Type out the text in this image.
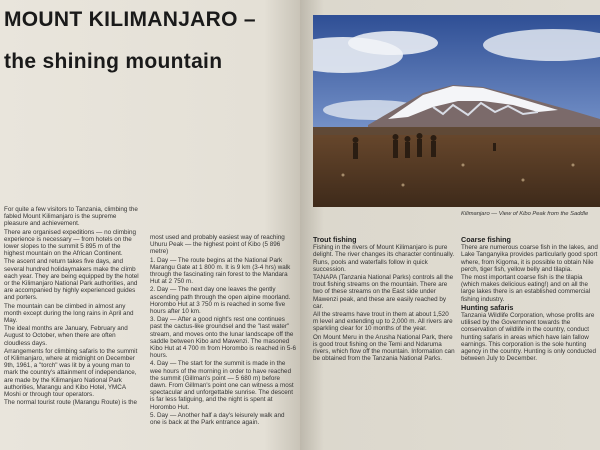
MOUNT KILIMANJARO –
the shining mountain

For quite a few visitors to Tanzania, climbing the fabled Mount Kilimanjaro is the supreme pleasure and achievement.

There are organised expeditions — no climbing experience is necessary — from hotels on the lower slopes to the summit 5 895 m of the highest mountain on the African Continent.

The ascent and return takes five days, and several hundred holidaymakers make the climb each year. They are being equipped by the hotel or the Kilimanjaro National Park authorities, and are accompanied by highly experienced guides and porters.

The mountain can be climbed in almost any month except during the long rains in April and May.

The ideal months are January, February and August to October, when there are often cloudless days.

Arrangements for climbing safaris to the summit of Kilimanjaro, where at midnight on December 9th, 1961, a "torch" was lit by a young man to mark the country's attainment of independance, are made by the Kilimanjaro National Park authorities, Marangu and Kibo Hotel, YMCA Moshi or through tour operators.

The normal tourist route (Marangu Route) is the

most used and probably easiest way of reaching Uhuru Peak — the highest point of Kibo (5 896 metre)

1. Day — The route begins at the National Park Marangu Gate at 1 800 m. It is 9 km (3-4 hrs) walk through the fascinating rain forest to the Mandara Hut at 2 750 m.

2. Day — The next day one leaves the gently ascending path through the open alpine moorland. Horombo Hut at 3 750 m is reached in some five hours after 10 km.

3. Day — After a good night's rest one continues past the cactus-like groundsel and the "last water" stream, and moves onto the lunar landscape off the saddle between Kibo and Mawenzi. The masoned Kibo Hut at 4 700 m from Horombo is reached in 5-6 hours.

4. Day — The start for the summit is made in the wee hours of the morning in order to have reached the summit (Gillman's point — 5 680 m) before dawn. From Gillman's point one can witness a most spectacular and unforgettable sunrise. The descent is far less fatiguing, and the night is spent at Horombo Hut.

5. Day — Another half a day's leisurely walk and one is back at the Park entrance again.

Kilimanjaro — View of Kibo Peak from the Saddle
Trout fishing

Fishing in the rivers of Mount Kilimanjaro is pure delight. The river changes its character continually. Runs, pools and waterfalls follow in quick succession.

TANAPA (Tanzania National Parks) controls all the trout fishing streams on the mountain. There are two of these streams on the East side under Mawenzi peak, and these are easily reached by car.

All the streams have trout in them at about 1,520 m level and extending up to 2,000 m. All rivers are sparkling clear for 10 months of the year.

On Mount Meru in the Arusha National Park, there is good trout fishing on the Temi and Ndaruma rivers, which flow off the mountain. Information can be obtained from the Tanzania National Parks.

Coarse fishing

There are numerous coarse fish in the lakes, and Lake Tanganyika provides particularly good sport where, from Kigoma, it is possible to obtain Nile perch, tiger fish, yellow belly and tilapia.

The most important coarse fish is the tilapia (which makes delicious eating!) and on all the large lakes there is an established commercial fishing industry.

Hunting safaris

Tanzania Wildlife Corporation, whose profits are utilised by the Government towards the conservation of wildlife in the country, conduct hunting safaris in areas which have lain fallow earnings. This corporation is the sole hunting agency in the country. Hunting is only conducted between July to December.
